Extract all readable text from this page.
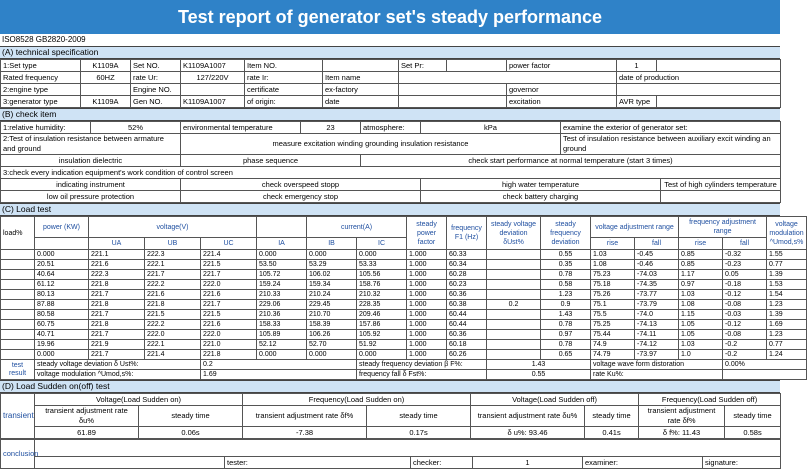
Test report of generator set's steady performance
ISO8528 GB2820-2009
(A) technical specification
1:Set type	K1109A	Set NO.	K1109A1007	Item NO.		Set Pr:		power factor	1	
Rated frequency	60HZ	rate Ur:	127/220V	rate Ir:	Item name				date of production	
2:engine type		Engine NO.		certificate	ex-factory			governor		
3:generator type	K1109A	Gen NO.	K1109A1007	of origin:	date			excitation	AVR type	
(B) check item
1:relative humidity:	52%	environmental temperature	23	atmosphere:	kPa	examine the exterior of generator set:	
2:Test of insulation resistance between armature and ground		measure excitation winding grounding insulation resistance				Test of insulation resistance between auxiliary excit winding an ground	
insulation dielectric		phase sequence		check start performance at normal temperature (start 3 times)			
3:check every indication equipment's work condition of control screen							
indicating instrument		check overspeed stopp			high water temperature		Test of high cylinders temperature
low oil pressure protection		check emergency stop			check battery charging		
(C) Load test
load%	power (KW)	voltage(V)				current(A)		steady power factor	frequency F1 (Hz)	steady voltage deviation δUst%	steady frequency deviation	voltage adjustment range		frequency adjustment range		voltage modulation ^Umod,s%
		UA	UB	UC	IA	IB	IC					rise	fall	rise	fall	
	0.000	221.1	222.3	221.4	0.000	0.000	0.000	1.000	60.33		0.55	1.03	-0.45	0.85	-0.32	1.55
	20.51	221.6	222.1	221.5	53.50	53.29	53.33	1.000	60.34		0.35	1.08	-0.46	0.85	-0.23	0.77
	40.64	222.3	221.7	221.7	105.72	106.02	105.56	1.000	60.28		0.78	75.23	-74.03	1.17	0.05	1.39
	61.12	221.8	222.2	222.0	159.24	159.34	158.76	1.000	60.23		0.58	75.18	-74.35	0.97	-0.18	1.53
	80.13	221.7	221.6	221.6	210.33	210.24	210.32	1.000	60.36		1.23	75.26	-73.77	1.03	-0.12	1.54
	87.88	221.8	221.8	221.7	229.06	229.45	228.35	1.000	60.38	0.2	0.9	75.1	-73.79	1.08	-0.08	1.23
	80.58	221.7	221.5	221.5	210.36	210.70	209.46	1.000	60.44		1.43	75.5	-74.0	1.15	-0.03	1.39
	60.75	221.8	222.2	221.6	158.33	158.39	157.86	1.000	60.44		0.78	75.25	-74.13	1.05	-0.12	1.69
	40.71	221.7	222.0	222.0	105.89	106.26	105.92	1.000	60.36		0.97	75.44	-74.11	1.05	-0.08	1.23
	19.96	221.9	222.1	221.0	52.12	52.70	51.92	1.000	60.18		0.78	74.9	-74.12	1.03	-0.2	0.77
	0.000	221.7	221.4	221.8	0.000	0.000	0.000	1.000	60.26		0.65	74.79	-73.97	1.0	-0.2	1.24
test result	steady voltage deviation δ Ust%:			0.2			steady frequency deviation β F%:			1.43		voltage wave form distoration			0.00%	
	voltage modulation ^Umod,s%:			1.69			frequency fall δ Fst%:			0.55		rate Ku%:				
(D) Load Sudden on(off) test
transient	Voltage(Load Sudden on)		Frequency(Load Sudden on)		Voltage(Load Sudden off)		Frequency(Load Sudden off)	
	transient adjustment rate δu%	steady time	transient adjustment rate δf%	steady time	transient adjustment rate δu%	steady time	transient adjustment rate δf%	steady time
	61.89	0.06s	-7.38	0.17s	δ u%: 93.46	0.41s	δ f%: 11.43	0.58s
conclusion						
		tester:	checker:	1	examiner:	signature:
